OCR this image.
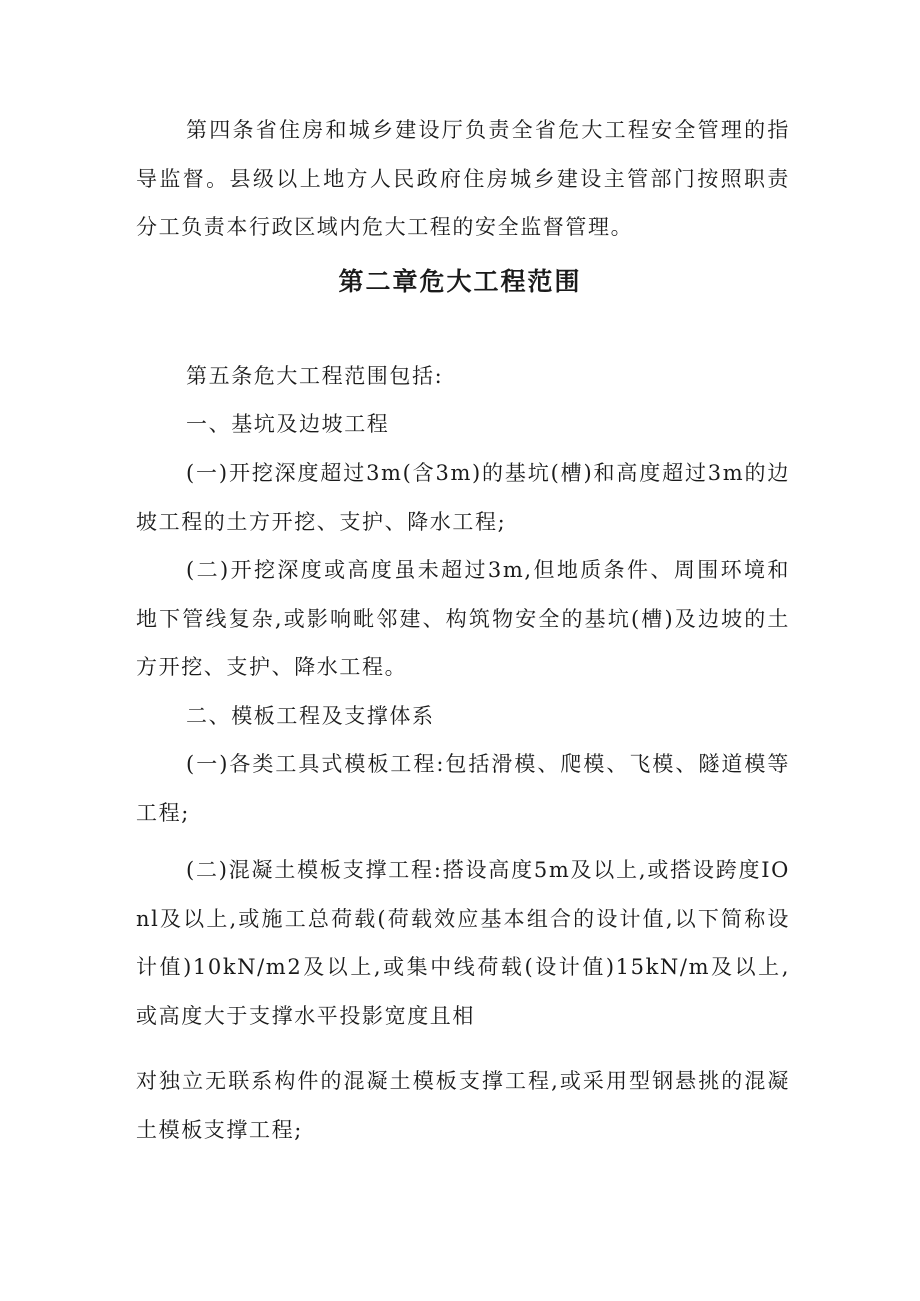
第四条省住房和城乡建设厅负责全省危大工程安全管理的指导监督。县级以上地方人民政府住房城乡建设主管部门按照职责分工负责本行政区域内危大工程的安全监督管理。

第二章危大工程范围

第五条危大工程范围包括:

一、基坑及边坡工程

(一)开挖深度超过3m(含3m)的基坑(槽)和高度超过3m的边坡工程的土方开挖、支护、降水工程;

(二)开挖深度或高度虽未超过3m,但地质条件、周围环境和地下管线复杂,或影响毗邻建、构筑物安全的基坑(槽)及边坡的土方开挖、支护、降水工程。

二、模板工程及支撑体系

(一)各类工具式模板工程:包括滑模、爬模、飞模、隧道模等工程;

(二)混凝土模板支撑工程:搭设高度5m及以上,或搭设跨度IOnl及以上,或施工总荷载(荷载效应基本组合的设计值,以下简称设计值)10kN/m2及以上,或集中线荷载(设计值)15kN/m及以上,或高度大于支撑水平投影宽度且相

对独立无联系构件的混凝土模板支撑工程,或采用型钢悬挑的混凝土模板支撑工程;
